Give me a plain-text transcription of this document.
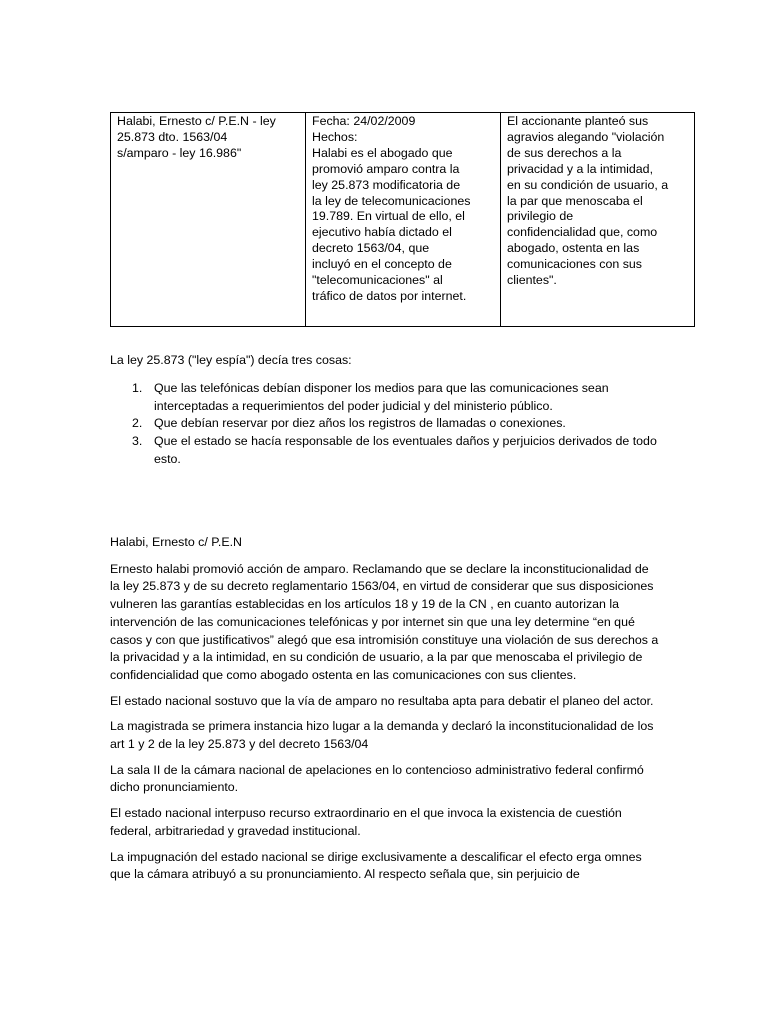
Halabi, Ernesto c/ P.E.N - ley
25.873 dto. 1563/04
s/amparo - ley 16.986"

Fecha: 24/02/2009
Hechos:
Halabi es el abogado que
promovió amparo contra la
ley 25.873 modificatoria de
la ley de telecomunicaciones
19.789. En virtual de ello, el
ejecutivo había dictado el
decreto 1563/04, que
incluyó en el concepto de
"telecomunicaciones" al
tráfico de datos por internet.

El accionante planteó sus
agravios alegando "violación
de sus derechos a la
privacidad y a la intimidad,
en su condición de usuario, a
la par que menoscaba el
privilegio de
confidencialidad que, como
abogado, ostenta en las
comunicaciones con sus
clientes".
La ley 25.873 ("ley espía") decía tres cosas:
1. Que las telefónicas debían disponer los medios para que las comunicaciones sean interceptadas a requerimientos del poder judicial y del ministerio público.
2. Que debían reservar por diez años los registros de llamadas o conexiones.
3. Que el estado se hacía responsable de los eventuales daños y perjuicios derivados de todo esto.
Halabi, Ernesto c/ P.E.N

Ernesto halabi promovió acción de amparo. Reclamando que se declare la inconstitucionalidad de la ley 25.873 y de su decreto reglamentario 1563/04, en virtud de considerar que sus disposiciones vulneren las garantías establecidas en los artículos 18 y 19 de la CN , en cuanto autorizan la intervención de las comunicaciones telefónicas y por internet sin que una ley determine “en qué casos y con que justificativos” alegó que esa intromisión constituye una violación de sus derechos a la privacidad y a la intimidad, en su condición de usuario, a la par que menoscaba el privilegio de confidencialidad que como abogado ostenta en las comunicaciones con sus clientes.

El estado nacional sostuvo que la vía de amparo no resultaba apta para debatir el planeo del actor.

La magistrada se primera instancia hizo lugar a la demanda y declaró la inconstitucionalidad de los art 1 y 2 de la ley 25.873 y del decreto 1563/04

La sala II de la cámara nacional de apelaciones en lo contencioso administrativo federal confirmó dicho pronunciamiento.

El estado nacional interpuso recurso extraordinario en el que invoca la existencia de cuestión federal, arbitrariedad y gravedad institucional.

La impugnación del estado nacional se dirige exclusivamente a descalificar el efecto erga omnes que la cámara atribuyó a su pronunciamiento. Al respecto señala que, sin perjuicio de
